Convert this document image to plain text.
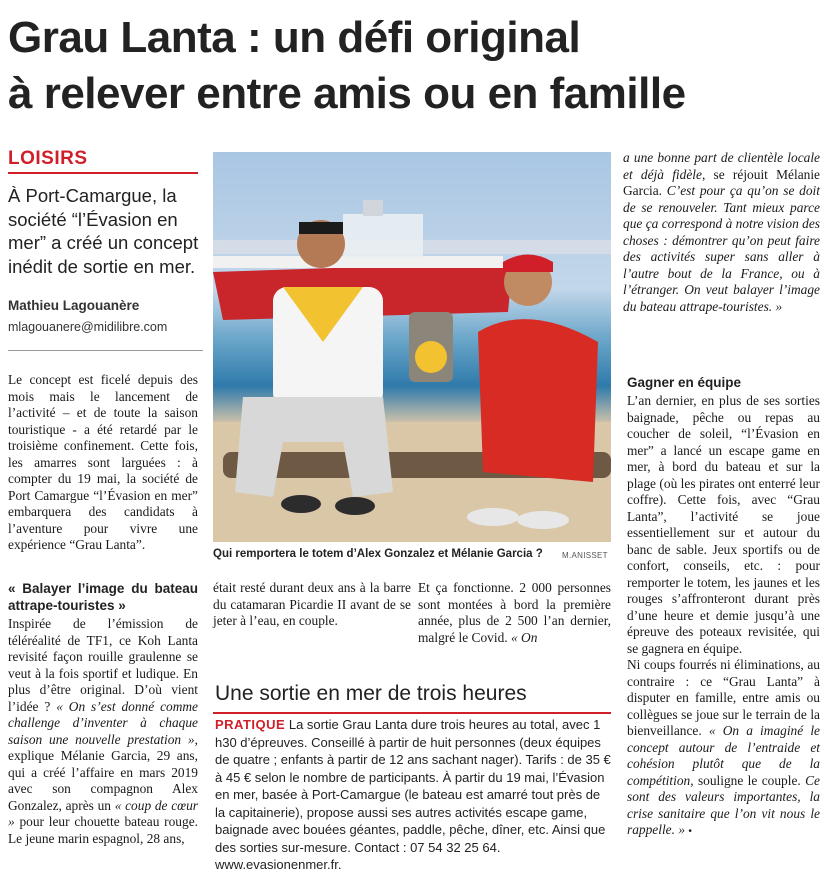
Grau Lanta : un défi original
à relever entre amis ou en famille
LOISIRS
À Port-Camargue, la société “l’Évasion en mer” a créé un concept inédit de sortie en mer.
Mathieu Lagouanère
mlagouanere@midilibre.com

Le concept est ficelé depuis des mois mais le lancement de l’activité – et de toute la saison touristique - a été retardé par le troisième confinement. Cette fois, les amarres sont larguées : à compter du 19 mai, la société de Port Camargue “l’Évasion en mer” embarquera des candidats à l’aventure pour vivre une expérience “Grau Lanta”.

« Balayer l’image du bateau attrape-touristes »

Inspirée de l’émission de téléréalité de TF1, ce Koh Lanta revisité façon rouille graulenne se veut à la fois sportif et ludique. En plus d’être original. D’où vient l’idée ? « On s’est donné comme challenge d’inventer à chaque saison une nouvelle prestation », explique Mélanie Garcia, 29 ans, qui a créé l’affaire en mars 2019 avec son compagnon Alex Gonzalez, après un « coup de cœur » pour leur chouette bateau rouge. Le jeune marin espagnol, 28 ans,

Qui remportera le totem d’Alex Gonzalez et Mélanie Garcia ?	M.ANISSET

était resté durant deux ans à la barre du catamaran Picardie II avant de se jeter à l’eau, en couple.

Et ça fonctionne. 2 000 personnes sont montées à bord la première année, plus de 2 500 l’an dernier, malgré le Covid. « On

Une sortie en mer de trois heures
PRATIQUE La sortie Grau Lanta dure trois heures au total, avec 1 h30 d’épreuves. Conseillé à partir de huit personnes (deux équipes de quatre ; enfants à partir de 12 ans sachant nager). Tarifs : de 35 € à 45 € selon le nombre de participants. À partir du 19 mai, l’Évasion en mer, basée à Port-Camargue (le bateau est amarré tout près de la capitainerie), propose aussi ses autres activités escape game, baignade avec bouées géantes, paddle, pêche, dîner, etc. Ainsi que des sorties sur-mesure. Contact : 07 54 32 25 64. www.evasionenmer.fr.

a une bonne part de clientèle locale et déjà fidèle, se réjouit Mélanie Garcia. C’est pour ça qu’on se doit de se renouveler. Tant mieux parce que ça correspond à notre vision des choses : démontrer qu’on peut faire des activités super sans aller à l’autre bout de la France, ou à l’étranger. On veut balayer l’image du bateau attrape-touristes. »

Gagner en équipe

L’an dernier, en plus de ses sorties baignade, pêche ou repas au coucher de soleil, “l’Évasion en mer” a lancé un escape game en mer, à bord du bateau et sur la plage (où les pirates ont enterré leur coffre). Cette fois, avec “Grau Lanta”, l’activité se joue essentiellement sur et autour du banc de sable. Jeux sportifs ou de confort, conseils, etc. : pour remporter le totem, les jaunes et les rouges s’affronteront durant près d’une heure et demie jusqu’à une épreuve des poteaux revisitée, qui se gagnera en équipe.

Ni coups fourrés ni éliminations, au contraire : ce “Grau Lanta” à disputer en famille, entre amis ou collègues se joue sur le terrain de la bienveillance. « On a imaginé le concept autour de l’entraide et cohésion plutôt que de la compétition, souligne le couple. Ce sont des valeurs importantes, la crise sanitaire que l’on vit nous le rappelle. » •
